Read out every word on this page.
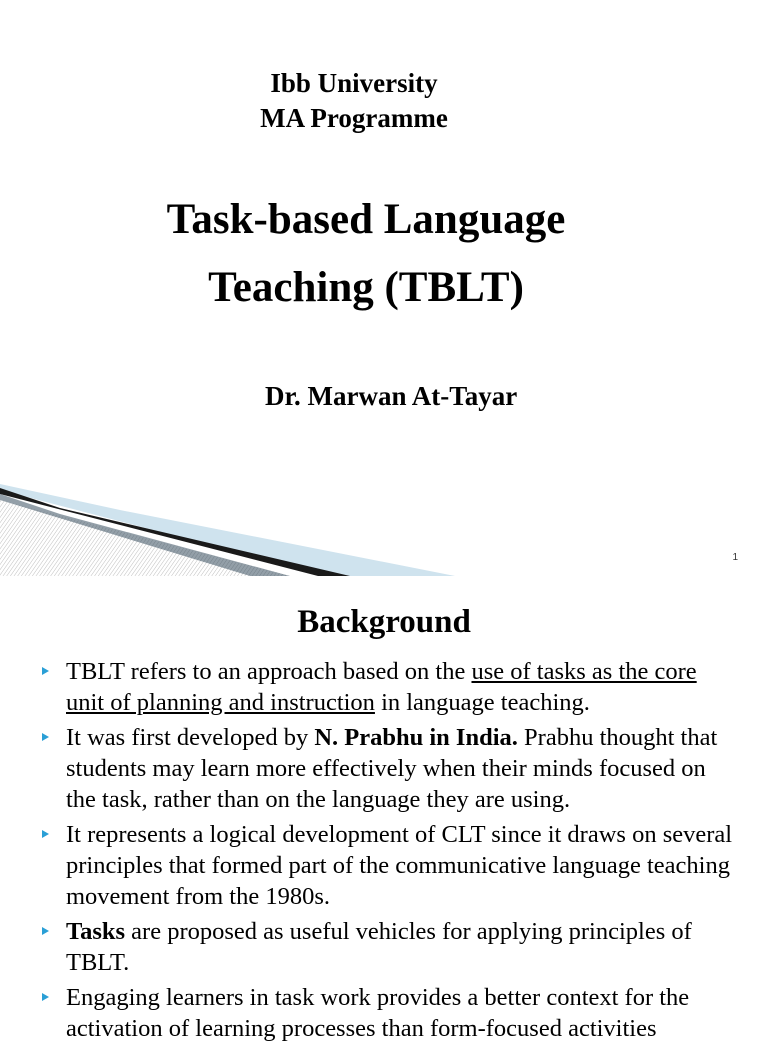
Ibb University
MA Programme
Task-based Language
Teaching (TBLT)
Dr. Marwan At-Tayar
1
Background
TBLT refers to an approach based on the use of tasks as the core unit of planning and instruction in language teaching.
It was first developed by N. Prabhu in India. Prabhu thought that students may learn more effectively when their minds focused on the task, rather than on the language they are using.
It represents a logical development of CLT since it draws on several principles that formed part of the communicative language teaching movement from the 1980s.
Tasks are proposed as useful vehicles for applying principles of TBLT.
Engaging learners in task work provides a better context for the activation of learning processes than form-focused activities
